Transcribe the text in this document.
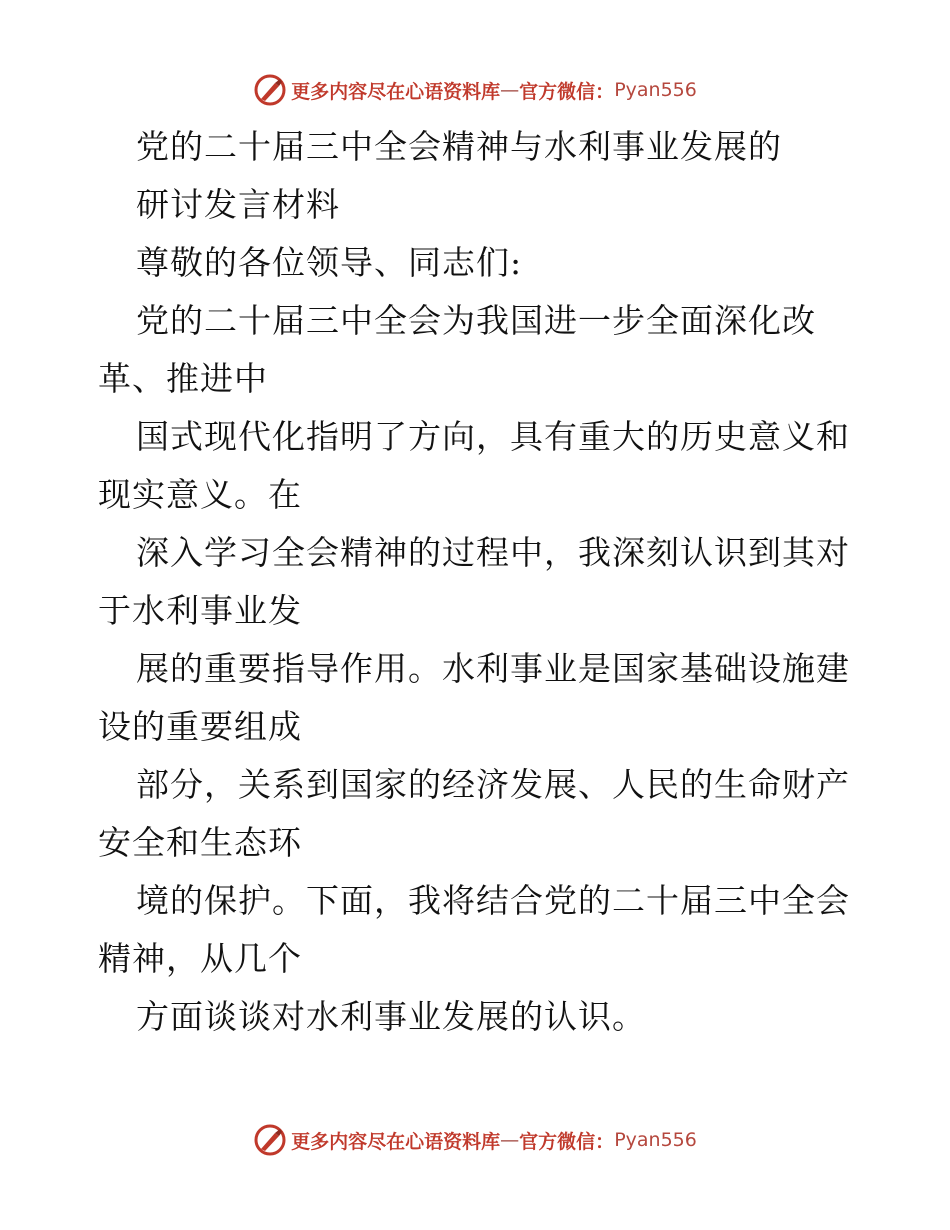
更多内容尽在心语资料库 — 官方微信： Pyan556
党的二十届三中全会精神与水利事业发展的
研讨发言材料
尊敬的各位领导、同志们:
党的二十届三中全会为我国进一步全面深化改
革、推进中
国式现代化指明了方向，具有重大的历史意义和
现实意义。在
深入学习全会精神的过程中，我深刻认识到其对
于水利事业发
展的重要指导作用。水利事业是国家基础设施建
设的重要组成
部分，关系到国家的经济发展、人民的生命财产
安全和生态环
境的保护。下面，我将结合党的二十届三中全会
精神，从几个
方面谈谈对水利事业发展的认识。
更多内容尽在心语资料库 — 官方微信： Pyan556
